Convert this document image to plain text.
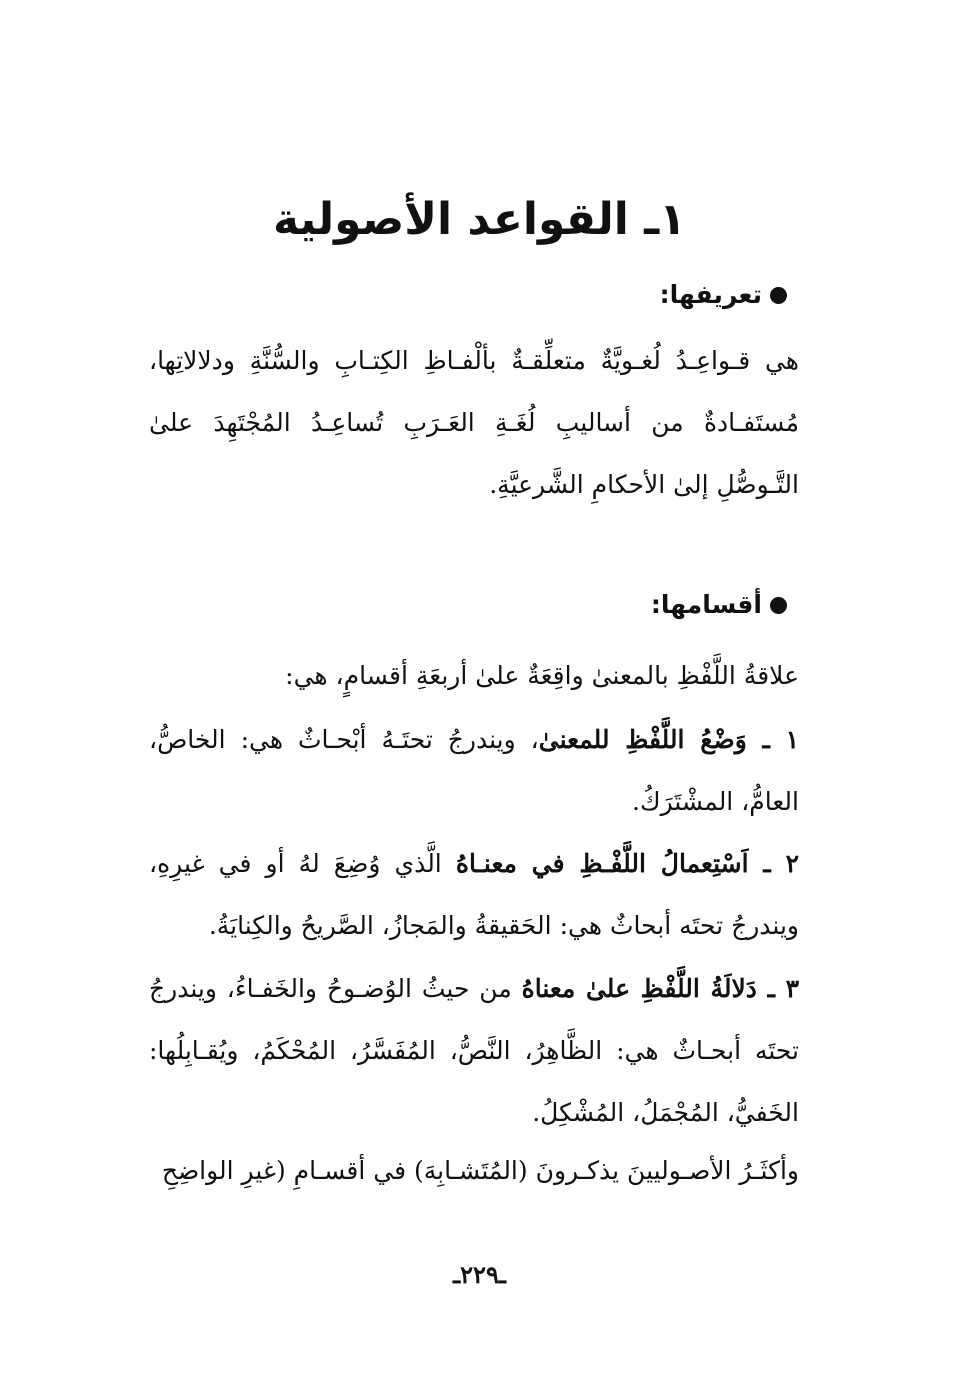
١ـ القواعد الأصولية
تعريفها:
هي قـواعِـدُ لُغـويَّةٌ متعلِّقـةٌ بألْفـاظِ الكِتـابِ والسُّنَّةِ ودلالاتِها، مُستَفـادةٌ من أساليبِ لُغَـةِ العَـرَبِ تُساعِـدُ المُجْتَهِدَ علىٰ التَّـوصُّلِ إلىٰ الأحكامِ الشَّرعيَّةِ.
أقسامها:
علاقةُ اللَّفْظِ بالمعنىٰ واقِعَةٌ علىٰ أربعَةِ أقسامٍ، هي:
١ ـ وَضْعُ اللَّفْظِ للمعنىٰ، ويندرجُ تحتَـهُ أبْحـاثٌ هي: الخاصُّ، العامُّ، المشْتَرَكُ.
٢ ـ اَسْتِعمالُ اللَّفْـظِ في معنـاهُ الَّذي وُضِعَ لهُ أو في غيرِهِ، ويندرجُ تحتَه أبحاثٌ هي: الحَقيقةُ والمَجازُ، الصَّريحُ والكِنايَةُ.
٣ ـ دَلالَةُ اللَّفْظِ علىٰ معناهُ من حيثُ الوُضـوحُ والخَفـاءُ، ويندرجُ تحتَه أبحـاثٌ هي: الظَّاهِرُ، النَّصُّ، المُفَسَّرُ، المُحْكَمُ، ويُقـابِلُها: الخَفيُّ، المُجْمَلُ، المُشْكِلُ.
وأكثَـرُ الأصـوليينَ يذكـرونَ (المُتَشـابِهَ) في أقسـامِ (غيرِ الواضِحِ
ـ٢٢٩ـ
